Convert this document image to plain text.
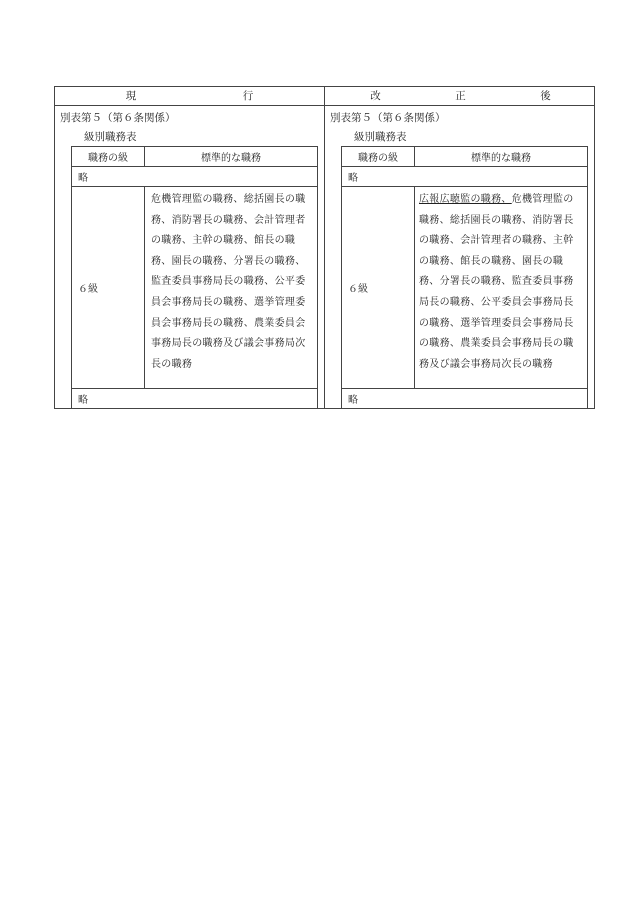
現　行	改　正　後
別表第５（第６条関係）
級別職務表
職務の級	標準的な職務
略	
６級	危機管理監の職務、総括園長の職務、消防署長の職務、会計管理者の職務、主幹の職務、館長の職務、園長の職務、分署長の職務、監査委員事務局長の職務、公平委員会事務局長の職務、選挙管理委員会事務局長の職務、農業委員会事務局長の職務及び議会事務局次長の職務

略	
別表第５（第６条関係）
級別職務表
職務の級	標準的な職務
略	
６級	広報広聴監の職務、危機管理監の職務、総括園長の職務、消防署長の職務、会計管理者の職務、主幹の職務、館長の職務、園長の職務、分署長の職務、監査委員事務局長の職務、公平委員会事務局長の職務、選挙管理委員会事務局長の職務、農業委員会事務局長の職務及び議会事務局次長の職務

略	
